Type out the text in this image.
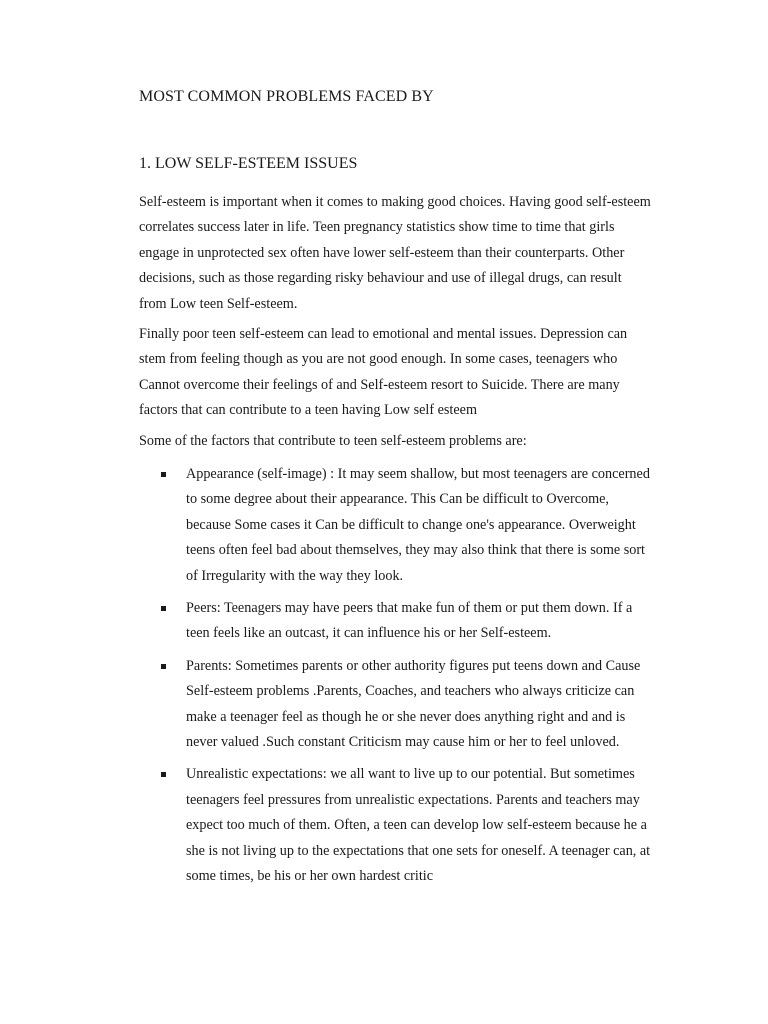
MOST COMMON PROBLEMS FACED BY
1. LOW SELF-ESTEEM ISSUES

Self-esteem is important when it comes to making good choices. Having good self-esteem correlates success later in life. Teen pregnancy statistics show time to time that girls engage in unprotected sex often have lower self-esteem than their counterparts. Other decisions, such as those regarding risky behaviour and use of illegal drugs, can result from Low teen Self-esteem.

Finally poor teen self-esteem can lead to emotional and mental issues. Depression can stem from feeling though as you are not good enough. In some cases, teenagers who Cannot overcome their feelings of and Self-esteem resort to Suicide. There are many factors that can contribute to a teen having Low self esteem

Some of the factors that contribute to teen self-esteem problems are:

Appearance (self-image) : It may seem shallow, but most teenagers are concerned to some degree about their appearance. This Can be difficult to Overcome, because Some cases it Can be difficult to change one's appearance. Overweight teens often feel bad about themselves, they may also think that there is some sort of Irregularity with the way they look.
Peers: Teenagers may have peers that make fun of them or put them down. If a teen feels like an outcast, it can influence his or her Self-esteem.
Parents: Sometimes parents or other authority figures put teens down and Cause Self-esteem problems .Parents, Coaches, and teachers who always criticize can make a teenager feel as though he or she never does anything right and and is never valued .Such constant Criticism may cause him or her to feel unloved.
Unrealistic expectations: we all want to live up to our potential. But sometimes teenagers feel pressures from unrealistic expectations. Parents and teachers may expect too much of them. Often, a teen can develop low self-esteem because he a she is not living up to the expectations that one sets for oneself. A teenager can, at some times, be his or her own hardest critic
